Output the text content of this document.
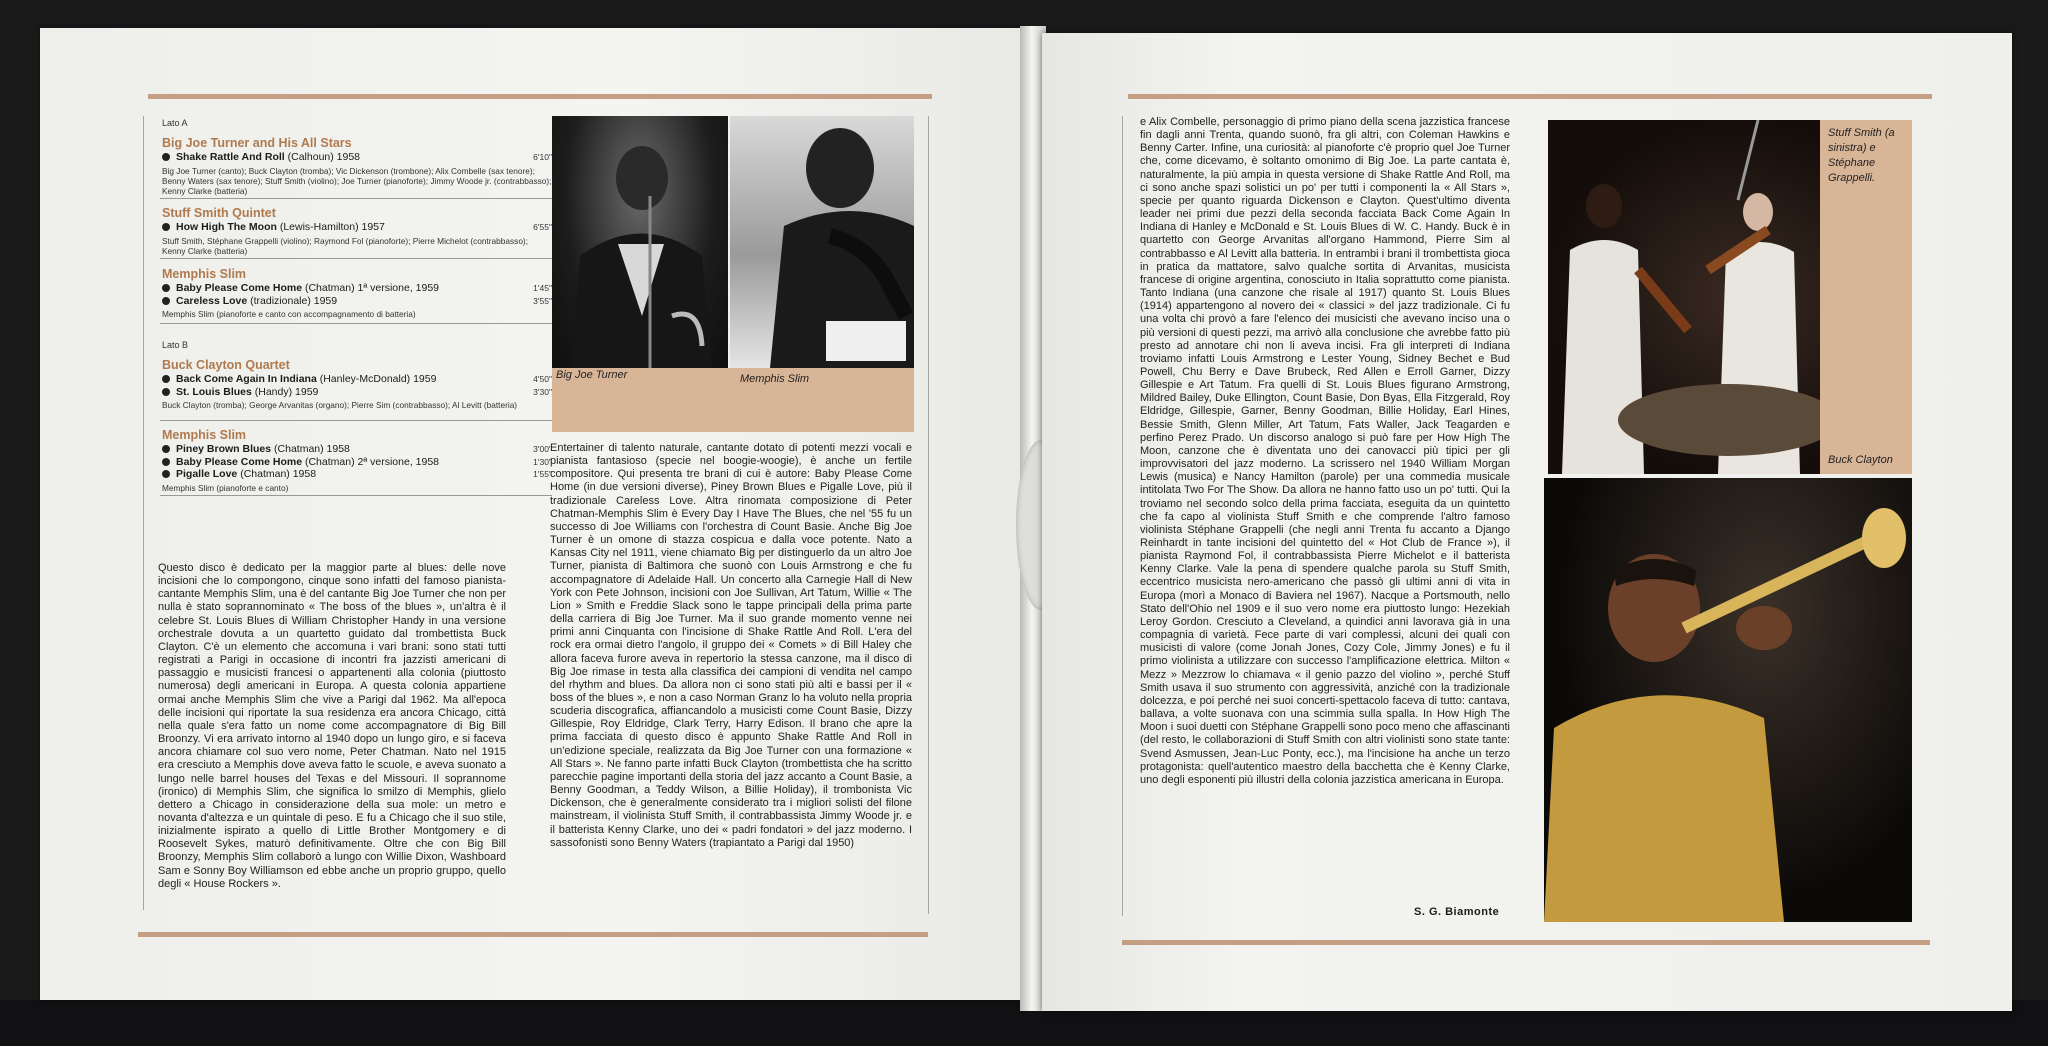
Lato A
Big Joe Turner and His All Stars
Shake Rattle And Roll (Calhoun) 1958	6'10"
Big Joe Turner (canto); Buck Clayton (tromba); Vic Dickenson (trombone); Alix Combelle (sax tenore); Benny Waters (sax tenore); Stuff Smith (violino); Joe Turner (pianoforte); Jimmy Woode jr. (contrabbasso); Kenny Clarke (batteria)
Stuff Smith Quintet
How High The Moon (Lewis-Hamilton) 1957	6'55"
Stuff Smith, Stéphane Grappelli (violino); Raymond Fol (pianoforte); Pierre Michelot (contrabbasso); Kenny Clarke (batteria)
Memphis Slim
Baby Please Come Home (Chatman) 1ª versione, 1959	1'45"
Careless Love (tradizionale) 1959	3'55"
Memphis Slim (pianoforte e canto con accompagnamento di batteria)
Lato B
Buck Clayton Quartet
Back Come Again In Indiana (Hanley-McDonald) 1959	4'50"
St. Louis Blues (Handy) 1959	3'30"
Buck Clayton (tromba); George Arvanitas (organo); Pierre Sim (contrabbasso); Al Levitt (batteria)
Memphis Slim
Piney Brown Blues (Chatman) 1958	3'00"
Baby Please Come Home (Chatman) 2ª versione, 1958	1'30"
Pigalle Love (Chatman) 1958	1'55"
Memphis Slim (pianoforte e canto)
Big Joe Turner	Memphis Slim
Questo disco è dedicato per la maggior parte al blues: delle nove incisioni che lo compongono, cinque sono infatti del famoso pianista-cantante Memphis Slim, una è del cantante Big Joe Turner che non per nulla è stato soprannominato « The boss of the blues », un'altra è il celebre St. Louis Blues di William Christopher Handy in una versione orchestrale dovuta a un quartetto guidato dal trombettista Buck Clayton. C'è un elemento che accomuna i vari brani: sono stati tutti registrati a Parigi in occasione di incontri fra jazzisti americani di passaggio e musicisti francesi o appartenenti alla colonia (piuttosto numerosa) degli americani in Europa. A questa colonia appartiene ormai anche Memphis Slim che vive a Parigi dal 1962. Ma all'epoca delle incisioni qui riportate la sua residenza era ancora Chicago, città nella quale s'era fatto un nome come accompagnatore di Big Bill Broonzy. Vi era arrivato intorno al 1940 dopo un lungo giro, e si faceva ancora chiamare col suo vero nome, Peter Chatman. Nato nel 1915 era cresciuto a Memphis dove aveva fatto le scuole, e aveva suonato a lungo nelle barrel houses del Texas e del Missouri. Il soprannome (ironico) di Memphis Slim, che significa lo smilzo di Memphis, glielo dettero a Chicago in considerazione della sua mole: un metro e novanta d'altezza e un quintale di peso. E fu a Chicago che il suo stile, inizialmente ispirato a quello di Little Brother Montgomery e di Roosevelt Sykes, maturò definitivamente. Oltre che con Big Bill Broonzy, Memphis Slim collaborò a lungo con Willie Dixon, Washboard Sam e Sonny Boy Williamson ed ebbe anche un proprio gruppo, quello degli « House Rockers ».
Entertainer di talento naturale, cantante dotato di potenti mezzi vocali e pianista fantasioso (specie nel boogie-woogie), è anche un fertile compositore. Qui presenta tre brani di cui è autore: Baby Please Come Home (in due versioni diverse), Piney Brown Blues e Pigalle Love, più il tradizionale Careless Love. Altra rinomata composizione di Peter Chatman-Memphis Slim è Every Day I Have The Blues, che nel '55 fu un successo di Joe Williams con l'orchestra di Count Basie. Anche Big Joe Turner è un omone di stazza cospicua e dalla voce potente. Nato a Kansas City nel 1911, viene chiamato Big per distinguerlo da un altro Joe Turner, pianista di Baltimora che suonò con Louis Armstrong e che fu accompagnatore di Adelaide Hall. Un concerto alla Carnegie Hall di New York con Pete Johnson, incisioni con Joe Sullivan, Art Tatum, Willie « The Lion » Smith e Freddie Slack sono le tappe principali della prima parte della carriera di Big Joe Turner. Ma il suo grande momento venne nei primi anni Cinquanta con l'incisione di Shake Rattle And Roll. L'era del rock era ormai dietro l'angolo, il gruppo dei « Comets » di Bill Haley che allora faceva furore aveva in repertorio la stessa canzone, ma il disco di Big Joe rimase in testa alla classifica dei campioni di vendita nel campo del rhythm and blues. Da allora non ci sono stati più alti e bassi per il « boss of the blues », e non a caso Norman Granz lo ha voluto nella propria scuderia discografica, affiancandolo a musicisti come Count Basie, Dizzy Gillespie, Roy Eldridge, Clark Terry, Harry Edison. Il brano che apre la prima facciata di questo disco è appunto Shake Rattle And Roll in un'edizione speciale, realizzata da Big Joe Turner con una formazione « All Stars ». Ne fanno parte infatti Buck Clayton (trombettista che ha scritto parecchie pagine importanti della storia del jazz accanto a Count Basie, a Benny Goodman, a Teddy Wilson, a Billie Holiday), il trombonista Vic Dickenson, che è generalmente considerato tra i migliori solisti del filone mainstream, il violinista Stuff Smith, il contrabbassista Jimmy Woode jr. e il batterista Kenny Clarke, uno dei « padri fondatori » del jazz moderno. I sassofonisti sono Benny Waters (trapiantato a Parigi dal 1950)
e Alix Combelle, personaggio di primo piano della scena jazzistica francese fin dagli anni Trenta, quando suonò, fra gli altri, con Coleman Hawkins e Benny Carter. Infine, una curiosità: al pianoforte c'è proprio quel Joe Turner che, come dicevamo, è soltanto omonimo di Big Joe. La parte cantata è, naturalmente, la più ampia in questa versione di Shake Rattle And Roll, ma ci sono anche spazi solistici un po' per tutti i componenti la « All Stars », specie per quanto riguarda Dickenson e Clayton. Quest'ultimo diventa leader nei primi due pezzi della seconda facciata Back Come Again In Indiana di Hanley e McDonald e St. Louis Blues di W. C. Handy. Buck è in quartetto con George Arvanitas all'organo Hammond, Pierre Sim al contrabbasso e Al Levitt alla batteria. In entrambi i brani il trombettista gioca in pratica da mattatore, salvo qualche sortita di Arvanitas, musicista francese di origine argentina, conosciuto in Italia soprattutto come pianista. Tanto Indiana (una canzone che risale al 1917) quanto St. Louis Blues (1914) appartengono al novero dei « classici » del jazz tradizionale. Ci fu una volta chi provò a fare l'elenco dei musicisti che avevano inciso una o più versioni di questi pezzi, ma arrivò alla conclusione che avrebbe fatto più presto ad annotare chi non li aveva incisi. Fra gli interpreti di Indiana troviamo infatti Louis Armstrong e Lester Young, Sidney Bechet e Bud Powell, Chu Berry e Dave Brubeck, Red Allen e Erroll Garner, Dizzy Gillespie e Art Tatum. Fra quelli di St. Louis Blues figurano Armstrong, Mildred Bailey, Duke Ellington, Count Basie, Don Byas, Ella Fitzgerald, Roy Eldridge, Gillespie, Garner, Benny Goodman, Billie Holiday, Earl Hines, Bessie Smith, Glenn Miller, Art Tatum, Fats Waller, Jack Teagarden e perfino Perez Prado. Un discorso analogo si può fare per How High The Moon, canzone che è diventata uno dei canovacci più tipici per gli improvvisatori del jazz moderno. La scrissero nel 1940 William Morgan Lewis (musica) e Nancy Hamilton (parole) per una commedia musicale intitolata Two For The Show. Da allora ne hanno fatto uso un po' tutti. Qui la troviamo nel secondo solco della prima facciata, eseguita da un quintetto che fa capo al violinista Stuff Smith e che comprende l'altro famoso violinista Stéphane Grappelli (che negli anni Trenta fu accanto a Django Reinhardt in tante incisioni del quintetto del « Hot Club de France »), il pianista Raymond Fol, il contrabbassista Pierre Michelot e il batterista Kenny Clarke. Vale la pena di spendere qualche parola su Stuff Smith, eccentrico musicista nero-americano che passò gli ultimi anni di vita in Europa (morì a Monaco di Baviera nel 1967). Nacque a Portsmouth, nello Stato dell'Ohio nel 1909 e il suo vero nome era piuttosto lungo: Hezekiah Leroy Gordon. Cresciuto a Cleveland, a quindici anni lavorava già in una compagnia di varietà. Fece parte di vari complessi, alcuni dei quali con musicisti di valore (come Jonah Jones, Cozy Cole, Jimmy Jones) e fu il primo violinista a utilizzare con successo l'amplificazione elettrica. Milton « Mezz » Mezzrow lo chiamava « il genio pazzo del violino », perché Stuff Smith usava il suo strumento con aggressività, anziché con la tradizionale dolcezza, e poi perché nei suoi concerti-spettacolo faceva di tutto: cantava, ballava, a volte suonava con una scimmia sulla spalla. In How High The Moon i suoi duetti con Stéphane Grappelli sono poco meno che affascinanti (del resto, le collaborazioni di Stuff Smith con altri violinisti sono state tante: Svend Asmussen, Jean-Luc Ponty, ecc.), ma l'incisione ha anche un terzo protagonista: quell'autentico maestro della bacchetta che è Kenny Clarke, uno degli esponenti più illustri della colonia jazzistica americana in Europa.
S. G. Biamonte
Stuff Smith (a sinistra) e Stéphane Grappelli.
Buck Clayton
